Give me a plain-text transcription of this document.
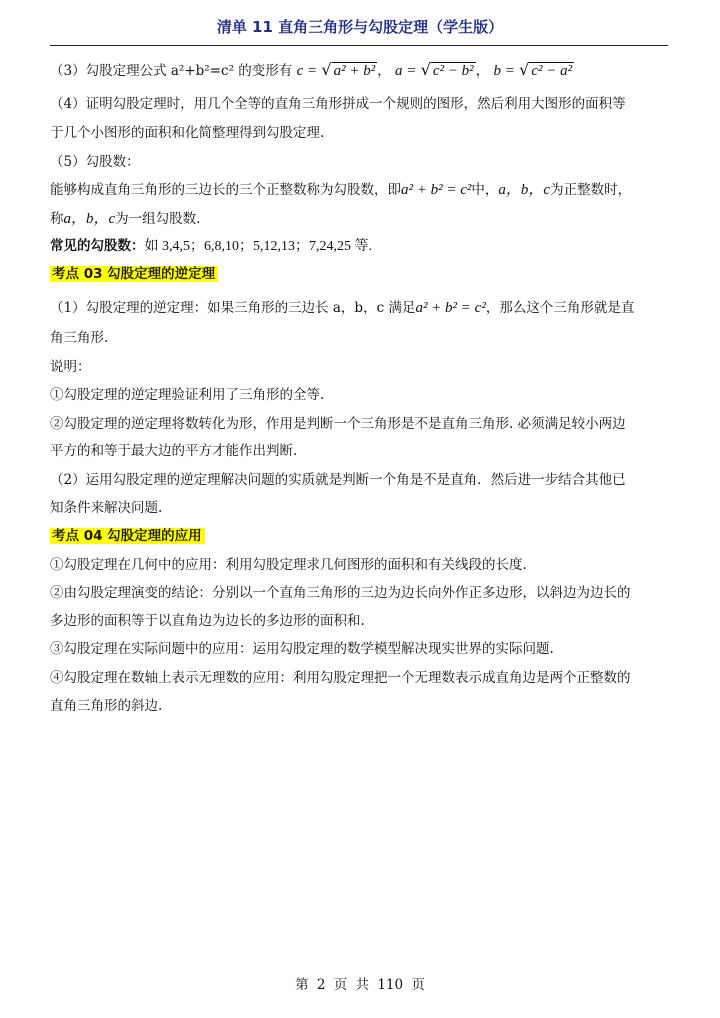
清单 11 直角三角形与勾股定理（学生版）
（3）勾股定理公式 a²+b²=c² 的变形有 c = √ a² + b² ， a = √ c² − b² ， b = √ c² − a²
（4）证明勾股定理时，用几个全等的直角三角形拼成一个规则的图形，然后利用大图形的面积等
于几个小图形的面积和化简整理得到勾股定理.
（5）勾股数：
能够构成直角三角形的三边长的三个正整数称为勾股数，即a² + b² = c²中，a，b，c为正整数时，
称a，b，c为一组勾股数.
常见的勾股数：如 3,4,5；6,8,10；5,12,13；7,24,25 等.
考点 03 勾股定理的逆定理
（1）勾股定理的逆定理：如果三角形的三边长 a，b，c 满足a² + b² = c²，那么这个三角形就是直
角三角形.
说明：
①勾股定理的逆定理验证利用了三角形的全等.
②勾股定理的逆定理将数转化为形，作用是判断一个三角形是不是直角三角形. 必须满足较小两边
平方的和等于最大边的平方才能作出判断.
（2）运用勾股定理的逆定理解决问题的实质就是判断一个角是不是直角．然后进一步结合其他已
知条件来解决问题.
考点 04 勾股定理的应用
①勾股定理在几何中的应用：利用勾股定理求几何图形的面积和有关线段的长度.
②由勾股定理演变的结论：分别以一个直角三角形的三边为边长向外作正多边形，以斜边为边长的
多边形的面积等于以直角边为边长的多边形的面积和.
③勾股定理在实际问题中的应用：运用勾股定理的数学模型解决现实世界的实际问题.
④勾股定理在数轴上表示无理数的应用：利用勾股定理把一个无理数表示成直角边是两个正整数的
直角三角形的斜边.
第 2 页 共 110 页
